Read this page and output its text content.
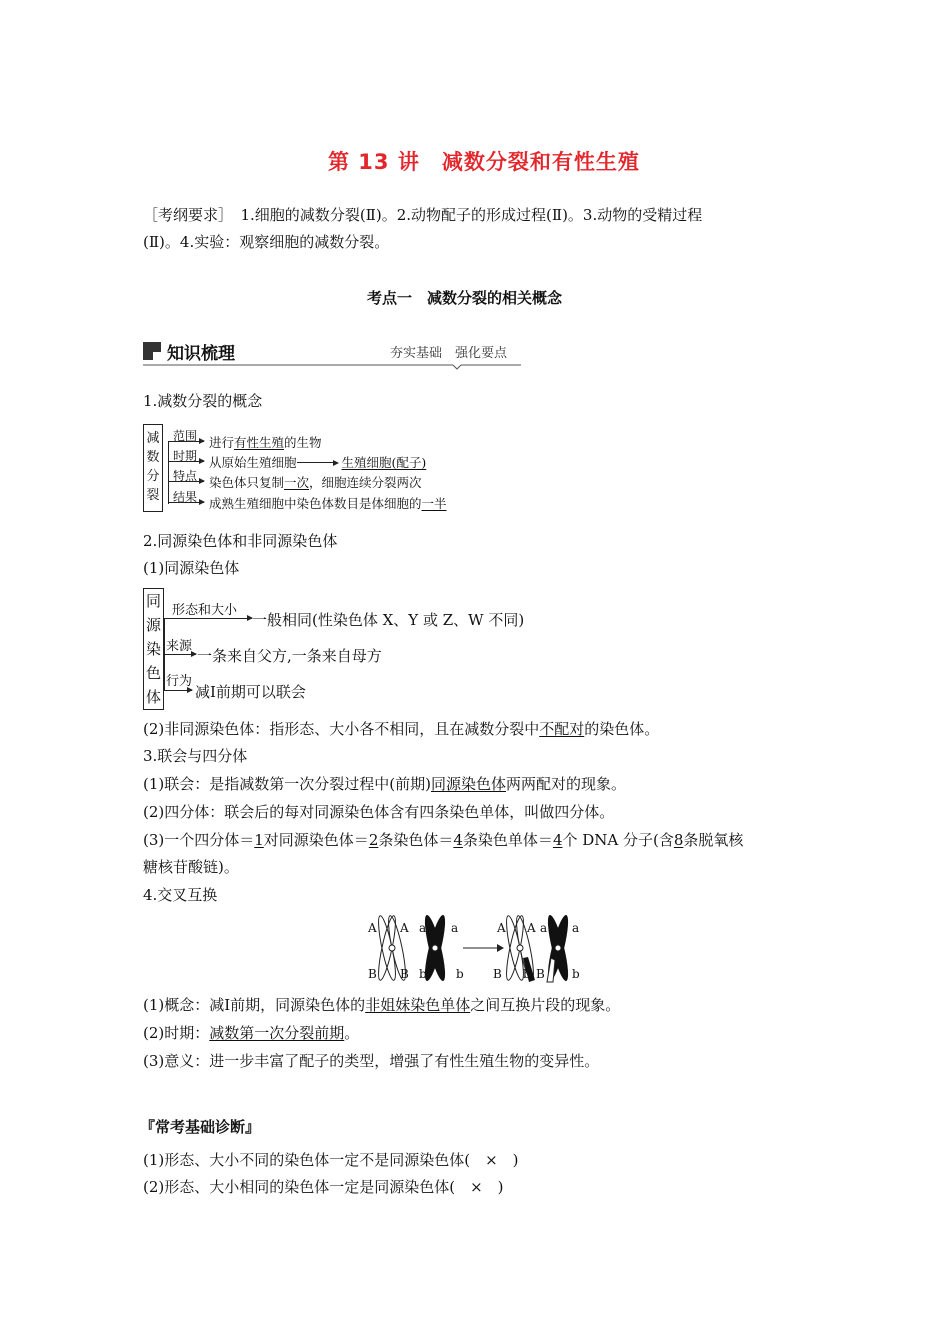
第 13 讲　减数分裂和有性生殖
［考纲要求］　1.细胞的减数分裂(Ⅱ)。2.动物配子的形成过程(Ⅱ)。3.动物的受精过程
(Ⅱ)。4.实验：观察细胞的减数分裂。
考点一　减数分裂的相关概念
知识梳理	夯实基础　强化要点
1.减数分裂的概念
减
数
分
裂
范围 进行有性生殖的生物
时期 从原始生殖细胞	生殖细胞(配子)
特点 染色体只复制一次，细胞连续分裂两次
结果 成熟生殖细胞中染色体数目是体细胞的一半
2.同源染色体和非同源染色体
(1)同源染色体
同
源
染
色
体
形态和大小
一般相同(性染色体 X、Y 或 Z、W 不同)
来源
一条来自父方,一条来自母方
行为
减Ⅰ前期可以联会
(2)非同源染色体：指形态、大小各不相同，且在减数分裂中不配对的染色体。
3.联会与四分体
(1)联会：是指减数第一次分裂过程中(前期)同源染色体两两配对的现象。
(2)四分体：联会后的每对同源染色体含有四条染色单体，叫做四分体。
(3)一个四分体＝1对同源染色体＝2条染色体＝4条染色单体＝4个 DNA 分子(含8条脱氧核
糖核苷酸链)。
4.交叉互换
A A a a
B B b b
A A a a
B b B b
(1)概念：减Ⅰ前期，同源染色体的非姐妹染色单体之间互换片段的现象。
(2)时期：减数第一次分裂前期。
(3)意义：进一步丰富了配子的类型，增强了有性生殖生物的变异性。
『常考基础诊断』
(1)形态、大小不同的染色体一定不是同源染色体(　×　)
(2)形态、大小相同的染色体一定是同源染色体(　×　)
